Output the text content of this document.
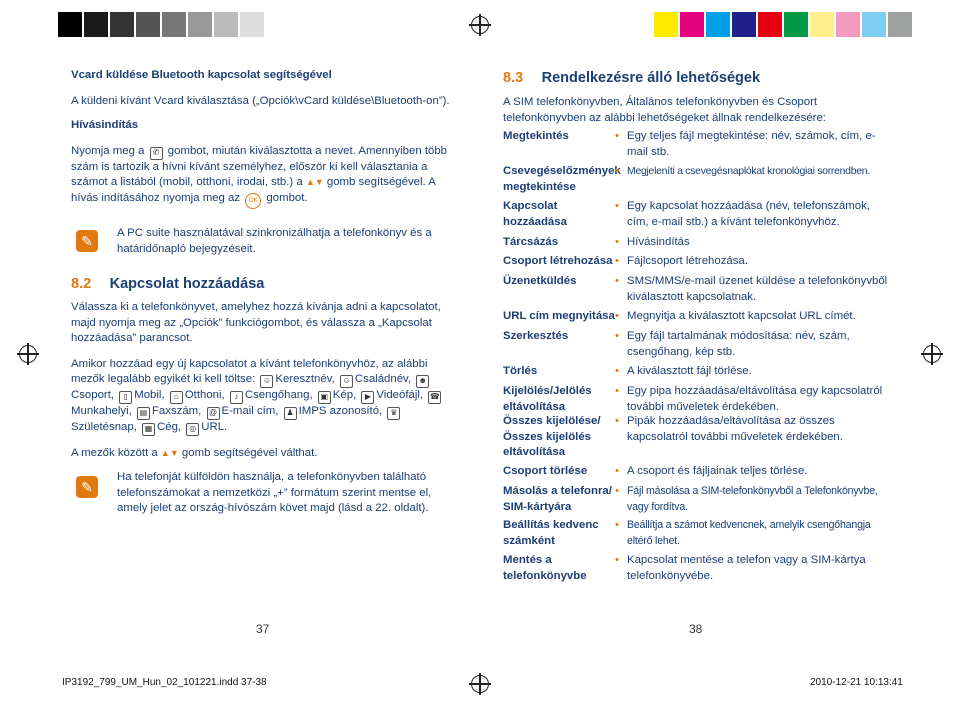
Vcard küldése Bluetooth kapcsolat segítségével

A küldeni kívánt Vcard kiválasztása („Opciók\vCard küldése\Bluetooth-on”).

Hívásindítás

Nyomja meg a ✆ gombot, miután kiválasztotta a nevet. Amennyiben több szám is tartozik a hívni kívánt személyhez, először ki kell választania a számot a listából (mobil, otthoni, irodai, stb.) a ▲▼ gomb segítségével. A hívás indításához nyomja meg az OK gombot.

✎	A PC suite használatával szinkronizálhatja a telefonkönyv és a határidőnapló bejegyzéseit.
8.2 Kapcsolat hozzáadása

Válassza ki a telefonkönyvet, amelyhez hozzá kívánja adni a kapcsolatot, majd nyomja meg az „Opciók” funkciógombot, és válassza a „Kapcsolat hozzáadása” parancsot.

Amikor hozzáad egy új kapcsolatot a kívánt telefonkönyvhöz, az alábbi mezők legalább egyikét ki kell töltse: ☺ Keresztnév, ☺ Családnév, ☻Csoport, ▯ Mobil, ⌂ Otthoni, ♪ Csengőhang, ▣ Kép, ▶ Videófájl, ☎Munkahelyi, ▤ Faxszám, @ E-mail cím, ♟ IMPS azonosító, ♛Születésnap, ▦ Cég, ◎ URL.

A mezők között a ▲▼ gomb segítségével válthat.

✎
Ha telefonját külföldön használja, a telefonkönyvben található telefonszámokat a nemzetközi „+” formátum szerint mentse el, amely jelet az ország-hívószám követ majd (lásd a 22. oldalt).
37
8.3 Rendelkezésre álló lehetőségek
A SIM telefonkönyvben, Általános telefonkönyvben és Csoport telefonkönyvben az alábbi lehetőségeket állnak rendelkezésére:
Megtekintés	• Egy teljes fájl megtekintése: név, számok, cím, e-mail stb.
Csevegéselőzmények megtekintése
• Megjeleníti a csevegésnaplókat kronológiai sorrendben.
Kapcsolat hozzáadása
• Egy kapcsolat hozzáadása (név, telefonszámok, cím, e-mail stb.) a kívánt telefonkönyvhöz.
Tárcsázás	• Hívásindítás
Csoport létrehozása	• Fájlcsoport létrehozása.
Üzenetküldés	• SMS/MMS/e-mail üzenet küldése a telefonkönyvből kiválasztott kapcsolatnak.
URL cím megnyitása	• Megnyitja a kiválasztott kapcsolat URL címét.
Szerkesztés	• Egy fájl tartalmának módosítása: név, szám, csengőhang, kép stb.
Törlés	• A kiválasztott fájl törlése.
Kijelölés/Jelölés eltávolítása
• Egy pipa hozzáadása/eltávolítása egy kapcsolatról további műveletek érdekében.
Összes kijelölése/ Összes kijelölés eltávolítása
• Pipák hozzáadása/eltávolítása az összes kapcsolatról további műveletek érdekében.
Csoport törlése	• A csoport és fájljainak teljes törlése.
Másolás a telefonra/ SIM-kártyára
• Fájl másolása a SIM-telefonkönyvből a Telefonkönyvbe, vagy fordítva.
Beállítás kedvenc számként
• Beállítja a számot kedvencnek, amelyik csengőhangja eltérő lehet.
Mentés a telefonkönyvbe
• Kapcsolat mentése a telefon vagy a SIM-kártya telefonkönyvébe.
38
IP3192_799_UM_Hun_02_101221.indd 37-38	2010-12-21 10:13:41
